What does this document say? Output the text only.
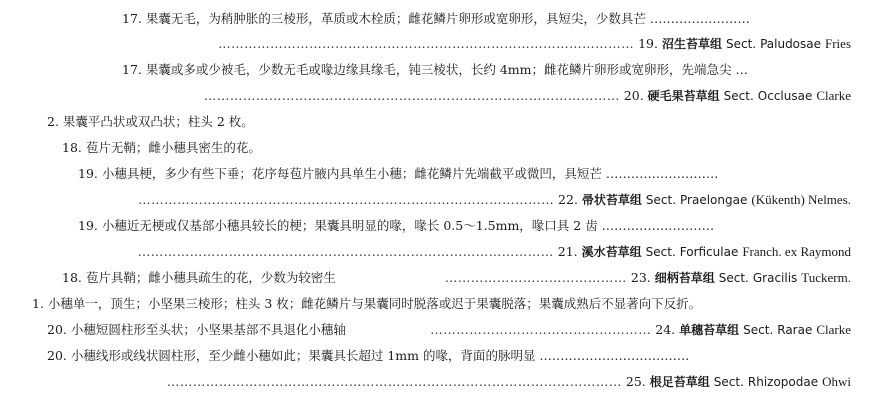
17. 果囊无毛，为稍肿胀的三棱形，革质或木栓质；雌花鳞片卵形或宽卵形，具短尖，少数具芒 ……………………
…………………………………………………………………………………… 19. 沼生苔草组 Sect. Paludosae Fries
17. 果囊或多或少被毛，少数无毛或喙边缘具缘毛，钝三棱状，长约 4mm；雌花鳞片卵形或宽卵形，先端急尖 …
…………………………………………………………………………………… 20. 硬毛果苔草组 Sect. Occlusae Clarke
2. 果囊平凸状或双凸状；柱头 2 枚。
18. 苞片无鞘；雌小穗具密生的花。
19. 小穗具梗，多少有些下垂；花序每苞片腋内具单生小穗；雌花鳞片先端截平或微凹，具短芒 ………………………
…………………………………………………………………………………… 22. 帚状苔草组 Sect. Praelongae (Kükenth) Nelmes.
19. 小穗近无梗或仅基部小穗具较长的梗；果囊具明显的喙，喙长 0.5～1.5mm，喙口具 2 齿 ………………………
…………………………………………………………………………………… 21. 溪水苔草组 Sect. Forficulae Franch. ex Raymond
18. 苞片具鞘；雌小穗具疏生的花，少数为较密生	…………………………………… 23. 细柄苔草组 Sect. Gracilis Tuckerm.
1. 小穗单一，顶生；小坚果三棱形；柱头 3 枚；雌花鳞片与果囊同时脱落或迟于果囊脱落；果囊成熟后不显著向下反折。
20. 小穗短圆柱形至头状；小坚果基部不具退化小穗轴	…………………………………………… 24. 单穗苔草组 Sect. Rarae Clarke
20. 小穗线形或线状圆柱形，至少雌小穗如此；果囊具长超过 1mm 的喙，背面的脉明显 ………………………………
…………………………………………………………………………………………… 25. 根足苔草组 Sect. Rhizopodae Ohwi
